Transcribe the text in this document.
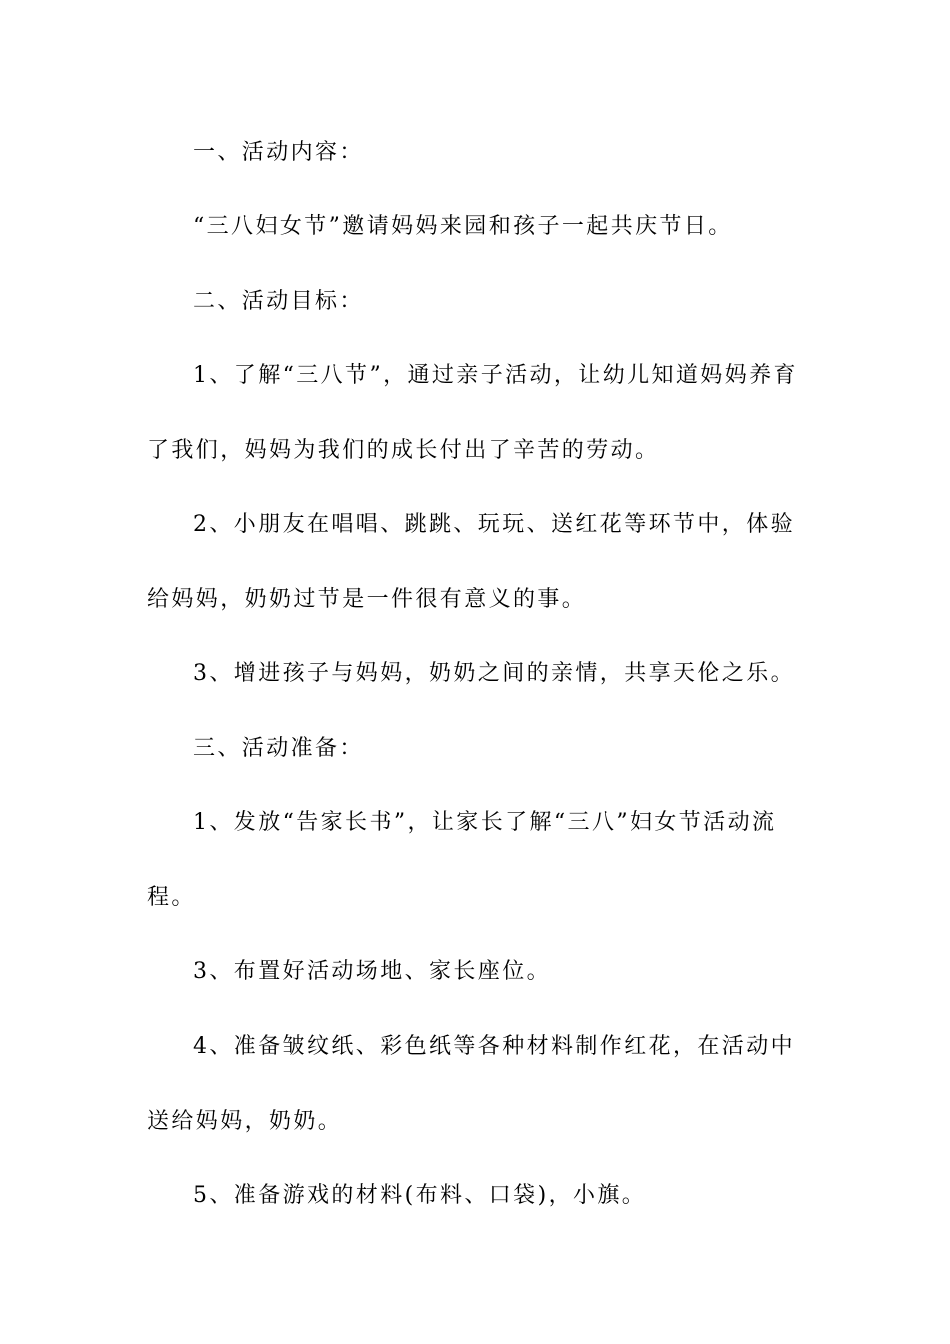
一、活动内容：

“三八妇女节”邀请妈妈来园和孩子一起共庆节日。

二、活动目标：

1、了解“三八节”，通过亲子活动，让幼儿知道妈妈养育了我们，妈妈为我们的成长付出了辛苦的劳动。

2、小朋友在唱唱、跳跳、玩玩、送红花等环节中，体验给妈妈，奶奶过节是一件很有意义的事。

3、增进孩子与妈妈，奶奶之间的亲情，共享天伦之乐。

三、活动准备：

1、发放“告家长书”，让家长了解“三八”妇女节活动流程。

3、布置好活动场地、家长座位。

4、准备皱纹纸、彩色纸等各种材料制作红花，在活动中送给妈妈，奶奶。

5、准备游戏的材料(布料、口袋)，小旗。
